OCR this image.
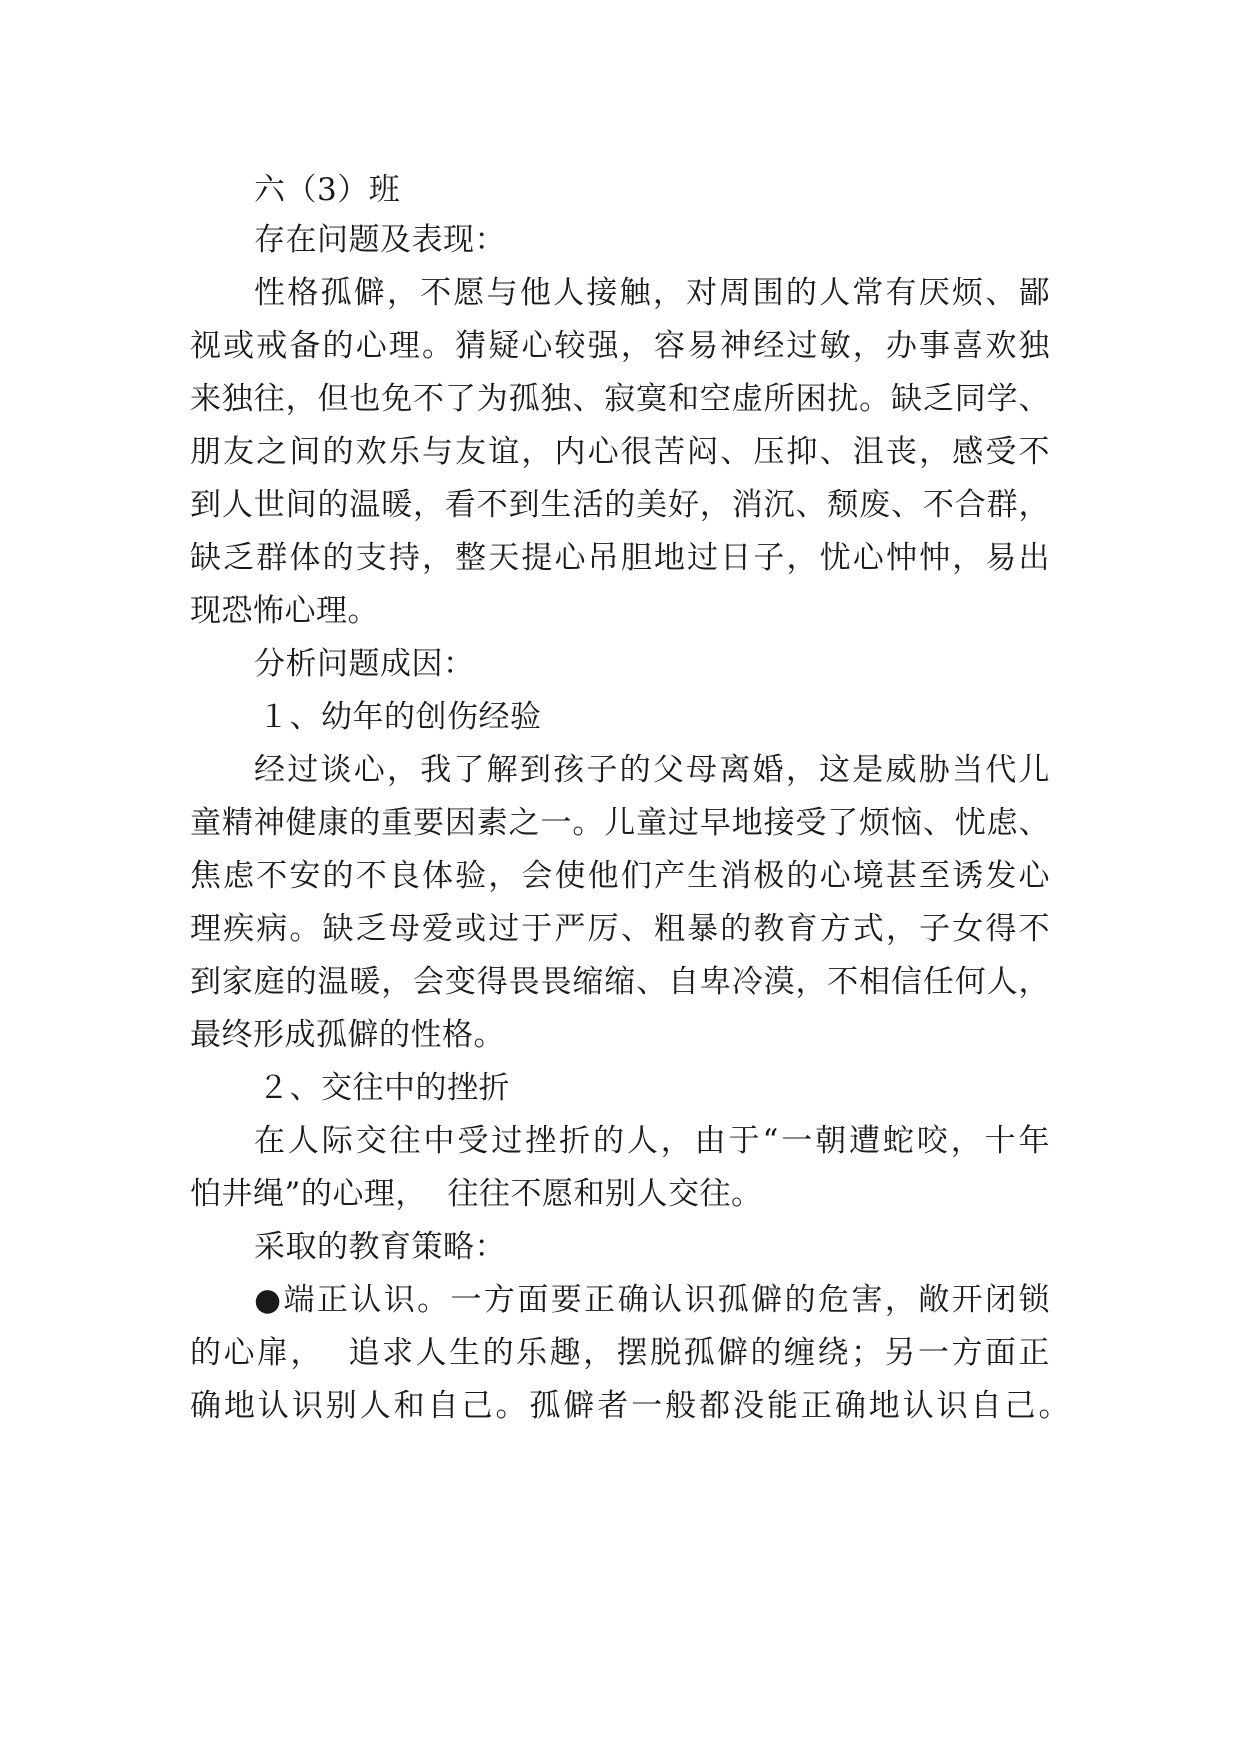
六（3）班
存在问题及表现：
性格孤僻，不愿与他人接触，对周围的人常有厌烦、鄙
视或戒备的心理。猜疑心较强，容易神经过敏，办事喜欢独
来独往，但也免不了为孤独、寂寞和空虚所困扰。缺乏同学、
朋友之间的欢乐与友谊，内心很苦闷、压抑、沮丧，感受不
到人世间的温暖，看不到生活的美好，消沉、颓废、不合群，
缺乏群体的支持，整天提心吊胆地过日子，忧心忡忡，易出
现恐怖心理。
分析问题成因：
１、幼年的创伤经验
经过谈心，我了解到孩子的父母离婚，这是威胁当代儿
童精神健康的重要因素之一。儿童过早地接受了烦恼、忧虑、
焦虑不安的不良体验，会使他们产生消极的心境甚至诱发心
理疾病。缺乏母爱或过于严厉、粗暴的教育方式，子女得不
到家庭的温暖，会变得畏畏缩缩、自卑冷漠，不相信任何人，
最终形成孤僻的性格。
２、交往中的挫折
在人际交往中受过挫折的人，由于“一朝遭蛇咬，十年
怕井绳”的心理，  往往不愿和别人交往。
采取的教育策略：
●端正认识。一方面要正确认识孤僻的危害，敞开闭锁
的心扉，  追求人生的乐趣，摆脱孤僻的缠绕；另一方面正
确地认识别人和自己。孤僻者一般都没能正确地认识自己。
